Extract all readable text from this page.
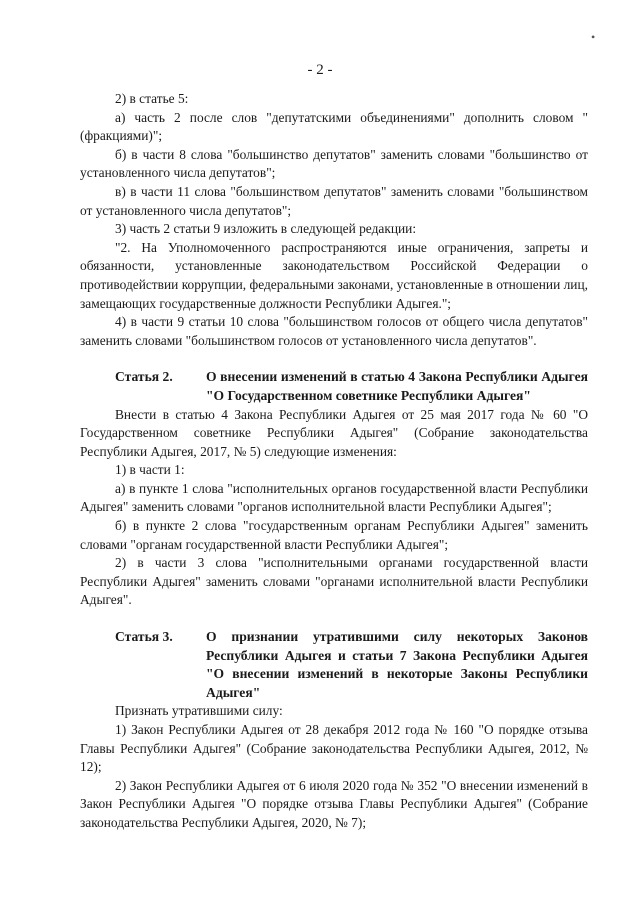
•
- 2 -

2) в статье 5:

а) часть 2 после слов "депутатскими объединениями" дополнить словом "(фракциями)";

б) в части 8 слова "большинство депутатов" заменить словами "большинство от установленного числа депутатов";

в) в части 11 слова "большинством депутатов" заменить словами "большинством от установленного числа депутатов";

3) часть 2 статьи 9 изложить в следующей редакции:

"2. На Уполномоченного распространяются иные ограничения, запреты и обязанности, установленные законодательством Российской Федерации о противодействии коррупции, федеральными законами, установленные в отношении лиц, замещающих государственные должности Республики Адыгея.";

4) в части 9 статьи 10 слова "большинством голосов от общего числа депутатов" заменить словами "большинством голосов от установленного числа депутатов".

Статья 2.	О внесении изменений в статью 4 Закона Республики Адыгея "О Государственном советнике Республики Адыгея"

Внести в статью 4 Закона Республики Адыгея от 25 мая 2017 года № 60 "О Государственном советнике Республики Адыгея" (Собрание законодательства Республики Адыгея, 2017, № 5) следующие изменения:

1) в части 1:

а) в пункте 1 слова "исполнительных органов государственной власти Республики Адыгея" заменить словами "органов исполнительной власти Республики Адыгея";

б) в пункте 2 слова "государственным органам Республики Адыгея" заменить словами "органам государственной власти Республики Адыгея";

2) в части 3 слова "исполнительными органами государственной власти Республики Адыгея" заменить словами "органами исполнительной власти Республики Адыгея".

Статья 3.	О признании утратившими силу некоторых Законов Республики Адыгея и статьи 7 Закона Республики Адыгея "О внесении изменений в некоторые Законы Республики Адыгея"

Признать утратившими силу:

1) Закон Республики Адыгея от 28 декабря 2012 года № 160 "О порядке отзыва Главы Республики Адыгея" (Собрание законодательства Республики Адыгея, 2012, № 12);

2) Закон Республики Адыгея от 6 июля 2020 года № 352 "О внесении изменений в Закон Республики Адыгея "О порядке отзыва Главы Республики Адыгея" (Собрание законодательства Республики Адыгея, 2020, № 7);
